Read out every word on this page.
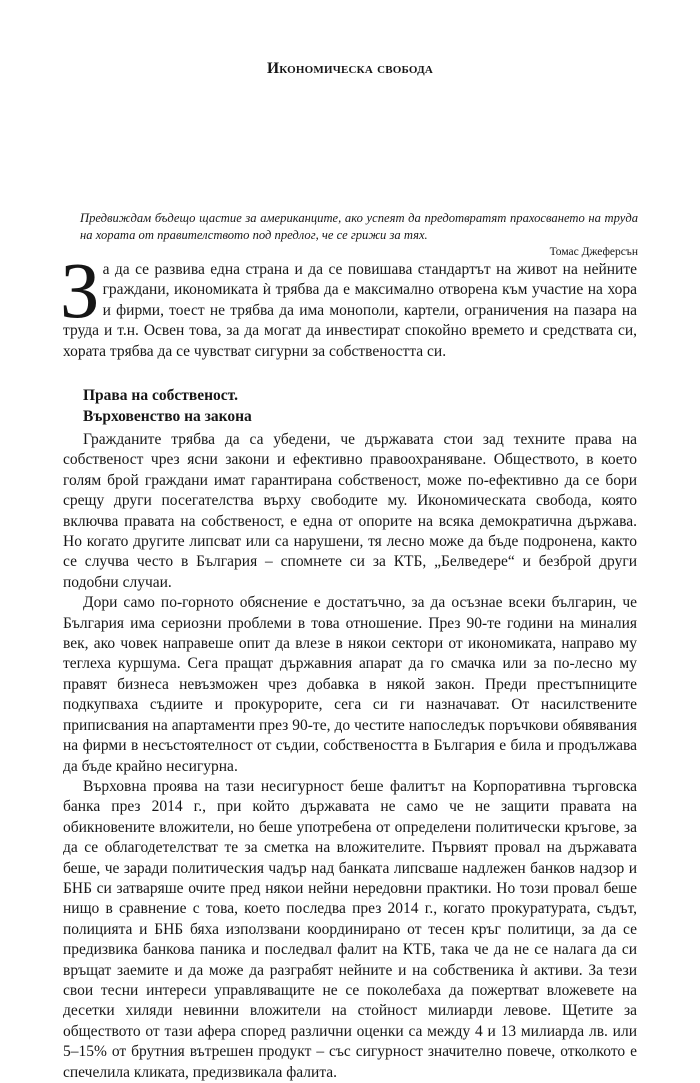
Икономическа свобода
Предвиждам бъдещо щастие за американците, ако успеят да предотвратят прахосването на труда на хората от правителството под предлог, че се грижи за тях.
Томас Джеферсън
З а да се развива една страна и да се повишава стандартът на живот на нейните граждани, икономиката ѝ трябва да е максимално отворена към участие на хора и фирми, тоест не трябва да има монополи, картели, ограничения на пазара на труда и т.н. Освен това, за да могат да инвестират спокойно времето и средствата си, хората трябва да се чувстват сигурни за собствеността си.
Права на собственост.
Върховенство на закона

Гражданите трябва да са убедени, че държавата стои зад техните права на собственост чрез ясни закони и ефективно правоохраняване. Обществото, в което голям брой граждани имат гарантирана собственост, може по-ефективно да се бори срещу други посегателства върху свободите му. Икономическата свобода, която включва правата на собственост, е една от опорите на всяка демократична държава. Но когато другите липсват или са нарушени, тя лесно може да бъде подронена, както се случва често в България – спомнете си за КТБ, „Белведере“ и безброй други подобни случаи.

Дори само по-горното обяснение е достатъчно, за да осъзнае всеки българин, че България има сериозни проблеми в това отношение. През 90-те години на миналия век, ако човек направеше опит да влезе в някои сектори от икономиката, направо му теглеха куршума. Сега пращат държавния апарат да го смачка или за по-лесно му правят бизнеса невъзможен чрез добавка в някой закон. Преди престъпниците подкупваха съдиите и прокурорите, сега си ги назначават. От насилствените приписвания на апартаменти през 90-те, до честите напоследък поръчкови обявявания на фирми в несъстоятелност от съдии, собствеността в България е била и продължава да бъде крайно несигурна.

Върховна проява на тази несигурност беше фалитът на Корпоративна търговска банка през 2014 г., при който държавата не само че не защити правата на обикновените вложители, но беше употребена от определени политически кръгове, за да се облагодетелстват те за сметка на вложителите. Първият провал на държавата беше, че заради политическия чадър над банката липсваше надлежен банков надзор и БНБ си затваряше очите пред някои нейни нередовни практики. Но този провал беше нищо в сравнение с това, което последва през 2014 г., когато прокуратурата, съдът, полицията и БНБ бяха използвани координирано от тесен кръг политици, за да се предизвика банкова паника и последвал фалит на КТБ, така че да не се налага да си връщат заемите и да може да разграбят нейните и на собственика ѝ активи. За тези свои тесни интереси управляващите не се поколебаха да пожертват вложевете на десетки хиляди невинни вложители на стойност милиарди левове. Щетите за обществото от тази афера според различни оценки са между 4 и 13 милиарда лв. или 5–15% от брутния вътрешен продукт – със сигурност значително повече, отколкото е спечелила кликата, предизвикала фалита.
